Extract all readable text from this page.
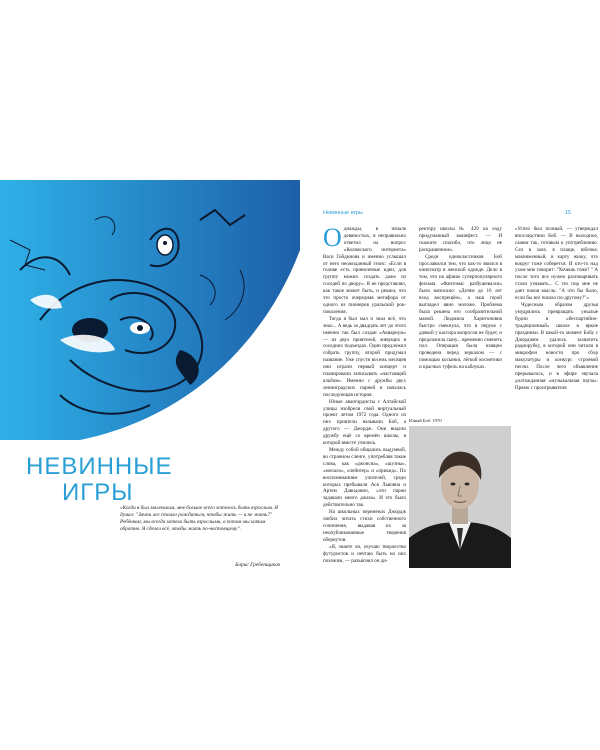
НЕВИННЫЕ
ИГРЫ
«Когда я был маленьким, мне больше всего хотелось быть взрослым. Я думал: "Зачем же стоило рождаться, чтобы жить — и не жить?" Ребёнком, мы всегда хотели быть взрослыми, а потом мы хотим обратно. Я сделал всё, чтобы жить по-настоящему".
Борис Гребенщиков
Невинные игры	15
О днажды, в начале девяностых, я неправильно ответил на вопрос «Коляжского интернета» Васи Гойдинова и именно услышал от него неожиданный тезис: «Если в голове есть приемлемые идеи, для группу можно создать даже из соседей по двору». Я не представлял, как такое может быть, и решил, что это просто очередная метафора от одного из пионеров уральской рок-поколения.

Тогда я был мал и знал всё, что знал... А ведь за двадцать лет до этого именно так был создан «Аквариум» — из двух приятелей, живущих в соседних подъездах. Один предложил собрать группу, второй придумал название. Уже спустя восемь месяцев они играли первый концерт и планировали записывать «настоящий альбом». Именно с дружбы двух ленинградских парней и началась последующая история.

Юные авангардисты с Алтайской улицы изобрели свой виртуальный проект летом 1972 года. Одного из них приятели называли Боб, а другого — Джордж. Они видели дружбу ещё со времён школы, в которой вместе учились.

Между собой общались выдумкой, во странном сленге, употребляя такие слова, как «джонсна», «шузны», «мочало», «пейнтер» и «прикид». По воспоминаниям учителей, среди которых пребывали Ася Львовна и Артем Давидович, «эти парни задавали много джаза». И это было действительно так.

На школьных переменах Джордж любил читать стихи собственного сочинения, выдавая их за неопубликованные творения обериутов.

«Я, знаете ли, изучаю творчество футуристов и нечтаю быть на них похожим, — разъяснял он ди-

ректору школы № 429 на ходу придуманный манифест. — И скажите спасибо, что лицо не раскрашенное».

Среди одноклассников Боб прославился тем, что как-то явился в кинотеатр в женской одежде. Дело в том, что на афише суперпопулярного фильма «Фантомас разбушевался» было написано: «Детям до 16 лет вход воспрещён», а наш герой выглядел явно моложе. Проблема была решена его сообразительной мамой. Людмила Харитоновна быстро смекнула, что в перуке с дачкой у кассира вопросов не будет, и предложила сыну... временно сменить пол. Операция была изящно проведена перед зеркалом — с помощью косынки, лёгкой косметики и красных туфель на каблуках.

«Успех был полный, — утверждал впоследствии Боб. — В выходное, сажем так, готовым к употреблению. Сел в зале, в плаще, юбочке, макияженный, и карту жижу, что вокруг тоже соберется. И кто-то над ухом мне говорит: "Хочешь тоже? " А после того все нужно разговаривать стали узнавать... С тех пор мне не дает покоя мысль: "А что бы было, если бы все пошло по-другому?"»

Чудесным образом друзья умудрялись превращать унылые будни в «беспартийно-традиционный» школе в яркие праздники. В какой-то момент Бобу с Джорджем удалось захватить радиорубку, в которой они читали в микрофон новости про сбор макулатуры и конкурс строевой песни. После чего объявление прерывалось, и в эфире звучала долгожданная «музыкальная пауза». Прямо с проигрывателя

Юный Боб. 1970
